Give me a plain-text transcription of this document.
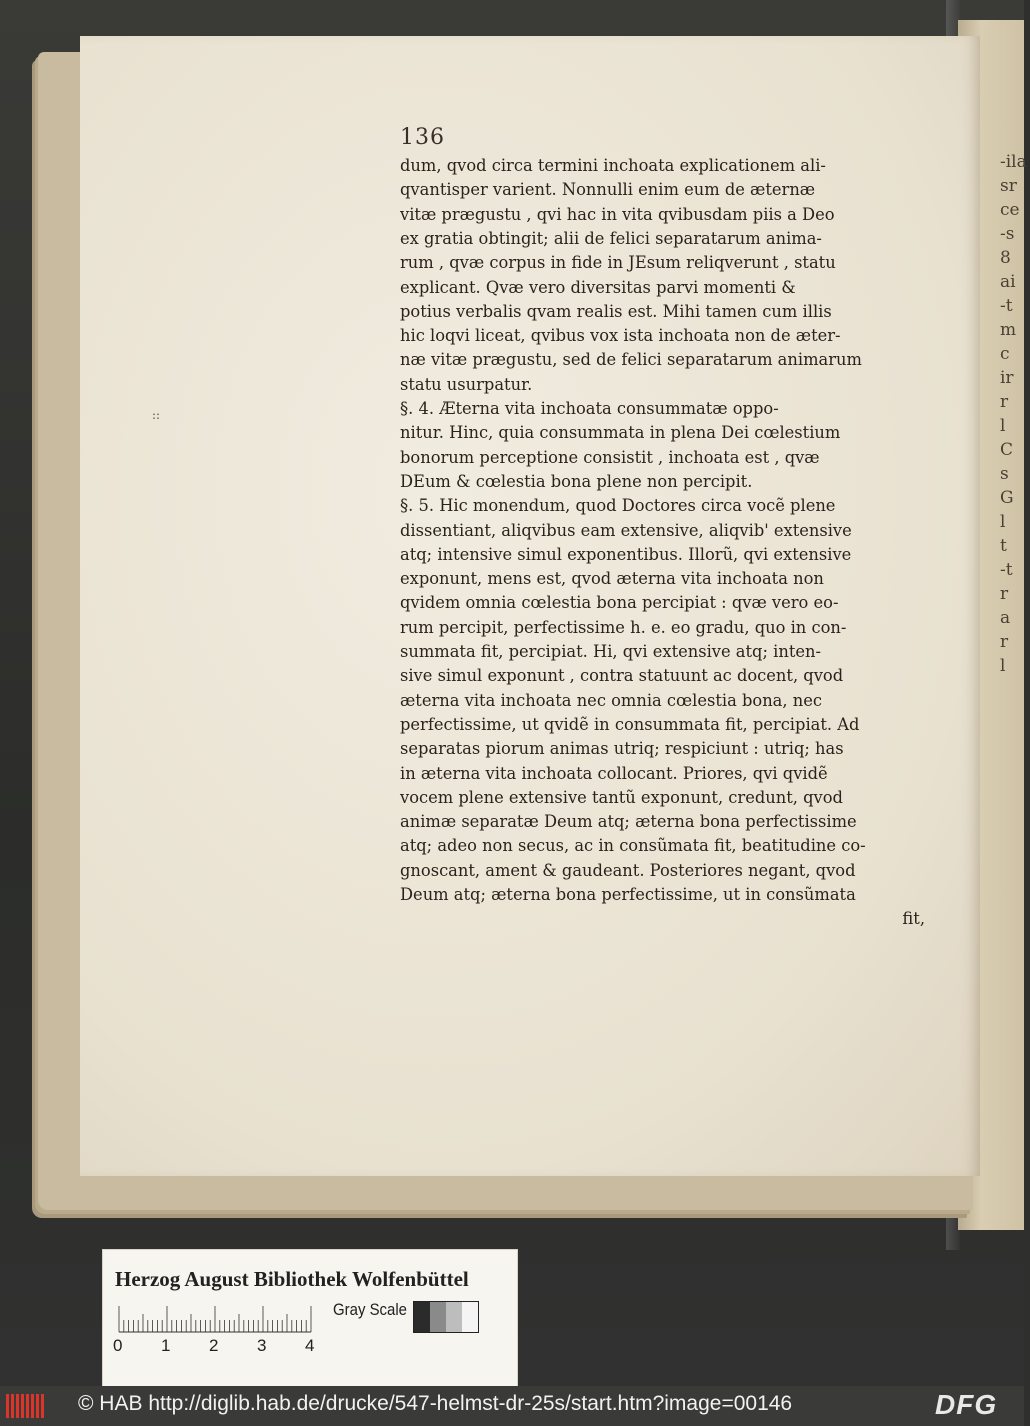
-ila
sr
ce
-s
8
ai
-t
m
c
ir
r
l
C
s
G
l
t
-t
r
a
r
l
::
136
dum, qvod circa termini inchoata explicationem ali-
qvantisper varient. Nonnulli enim eum de æternæ
vitæ prægustu , qvi hac in vita qvibusdam piis a Deo
ex gratia obtingit; alii de felici separatarum anima-
rum , qvæ corpus in fide in JEsum reliqverunt , statu
explicant. Qvæ vero diversitas parvi momenti &
potius verbalis qvam realis est. Mihi tamen cum illis
hic loqvi liceat, qvibus vox ista inchoata non de æter-
næ vitæ prægustu, sed de felici separatarum animarum
statu usurpatur.
§. 4. Æterna vita inchoata consummatæ oppo-
nitur. Hinc, quia consummata in plena Dei cœlestium
bonorum perceptione consistit , inchoata est , qvæ
DEum & cœlestia bona plene non percipit.
§. 5. Hic monendum, quod Doctores circa vocẽ plene
dissentiant, aliqvibus eam extensive, aliqvib' extensive
atq; intensive simul exponentibus. Illorũ, qvi extensive
exponunt, mens est, qvod æterna vita inchoata non
qvidem omnia cœlestia bona percipiat : qvæ vero eo-
rum percipit, perfectissime h. e. eo gradu, quo in con-
summata fit, percipiat. Hi, qvi extensive atq; inten-
sive simul exponunt , contra statuunt ac docent, qvod
æterna vita inchoata nec omnia cœlestia bona, nec
perfectissime, ut qvidẽ in consummata fit, percipiat. Ad
separatas piorum animas utriq; respiciunt : utriq; has
in æterna vita inchoata collocant. Priores, qvi qvidẽ
vocem plene extensive tantũ exponunt, credunt, qvod
animæ separatæ Deum atq; æterna bona perfectissime
atq; adeo non secus, ac in consũmata fit, beatitudine co-
gnoscant, ament & gaudeant. Posteriores negant, qvod
Deum atq; æterna bona perfectissime, ut in consũmata
fit,
Herzog August Bibliothek Wolfenbüttel
0 1 2 3 4
Gray Scale
© HAB http://diglib.hab.de/drucke/547-helmst-dr-25s/start.htm?image=00146	DFG
